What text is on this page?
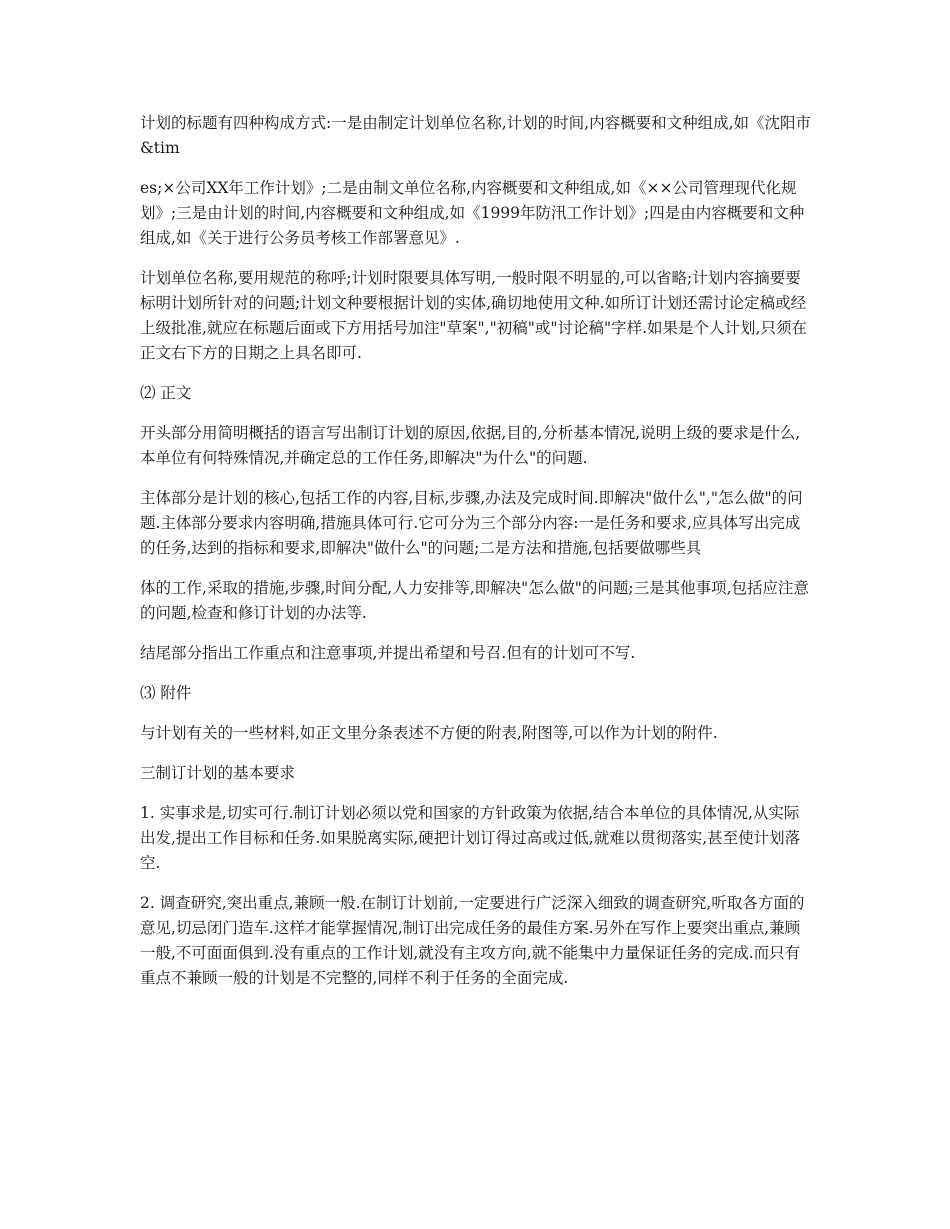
计划的标题有四种构成方式:一是由制定计划单位名称,计划的时间,内容概要和文种组成,如《沈阳市&tim

es;×公司XX年工作计划》;二是由制文单位名称,内容概要和文种组成,如《××公司管理现代化规划》;三是由计划的时间,内容概要和文种组成,如《1999年防汛工作计划》;四是由内容概要和文种组成,如《关于进行公务员考核工作部署意见》.

计划单位名称,要用规范的称呼;计划时限要具体写明,一般时限不明显的,可以省略;计划内容摘要要标明计划所针对的问题;计划文种要根据计划的实体,确切地使用文种.如所订计划还需讨论定稿或经上级批准,就应在标题后面或下方用括号加注"草案","初稿"或"讨论稿"字样.如果是个人计划,只须在正文右下方的日期之上具名即可.

⑵ 正文

开头部分用简明概括的语言写出制订计划的原因,依据,目的,分析基本情况,说明上级的要求是什么,本单位有何特殊情况,并确定总的工作任务,即解决"为什么"的问题.

主体部分是计划的核心,包括工作的内容,目标,步骤,办法及完成时间.即解决"做什么","怎么做"的问题.主体部分要求内容明确,措施具体可行.它可分为三个部分内容:一是任务和要求,应具体写出完成的任务,达到的指标和要求,即解决"做什么"的问题;二是方法和措施,包括要做哪些具

体的工作,采取的措施,步骤,时间分配,人力安排等,即解决"怎么做"的问题;三是其他事项,包括应注意的问题,检查和修订计划的办法等.

结尾部分指出工作重点和注意事项,并提出希望和号召.但有的计划可不写.

⑶ 附件

与计划有关的一些材料,如正文里分条表述不方便的附表,附图等,可以作为计划的附件.

三制订计划的基本要求

1. 实事求是,切实可行.制订计划必须以党和国家的方针政策为依据,结合本单位的具体情况,从实际出发,提出工作目标和任务.如果脱离实际,硬把计划订得过高或过低,就难以贯彻落实,甚至使计划落空.

2. 调查研究,突出重点,兼顾一般.在制订计划前,一定要进行广泛深入细致的调查研究,听取各方面的意见,切忌闭门造车.这样才能掌握情况,制订出完成任务的最佳方案.另外在写作上要突出重点,兼顾一般,不可面面俱到.没有重点的工作计划,就没有主攻方向,就不能集中力量保证任务的完成.而只有重点不兼顾一般的计划是不完整的,同样不利于任务的全面完成.
